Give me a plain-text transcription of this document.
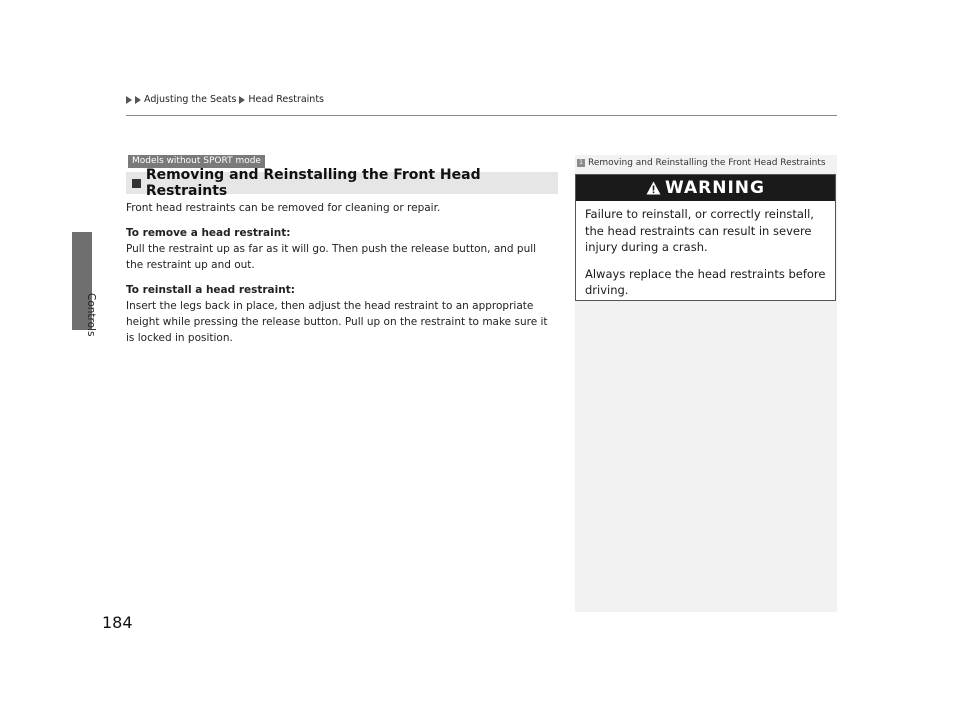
Adjusting the Seats Head Restraints
Controls
184
Models without SPORT mode
Removing and Reinstalling the Front Head Restraints

Front head restraints can be removed for cleaning or repair.

To remove a head restraint:

Pull the restraint up as far as it will go. Then push the release button, and pull the restraint up and out.

To reinstall a head restraint:

Insert the legs back in place, then adjust the head restraint to an appropriate height while pressing the release button. Pull up on the restraint to make sure it is locked in position.

1 Removing and Reinstalling the Front Head Restraints
WARNING

Failure to reinstall, or correctly reinstall, the head restraints can result in severe injury during a crash.

Always replace the head restraints before driving.
